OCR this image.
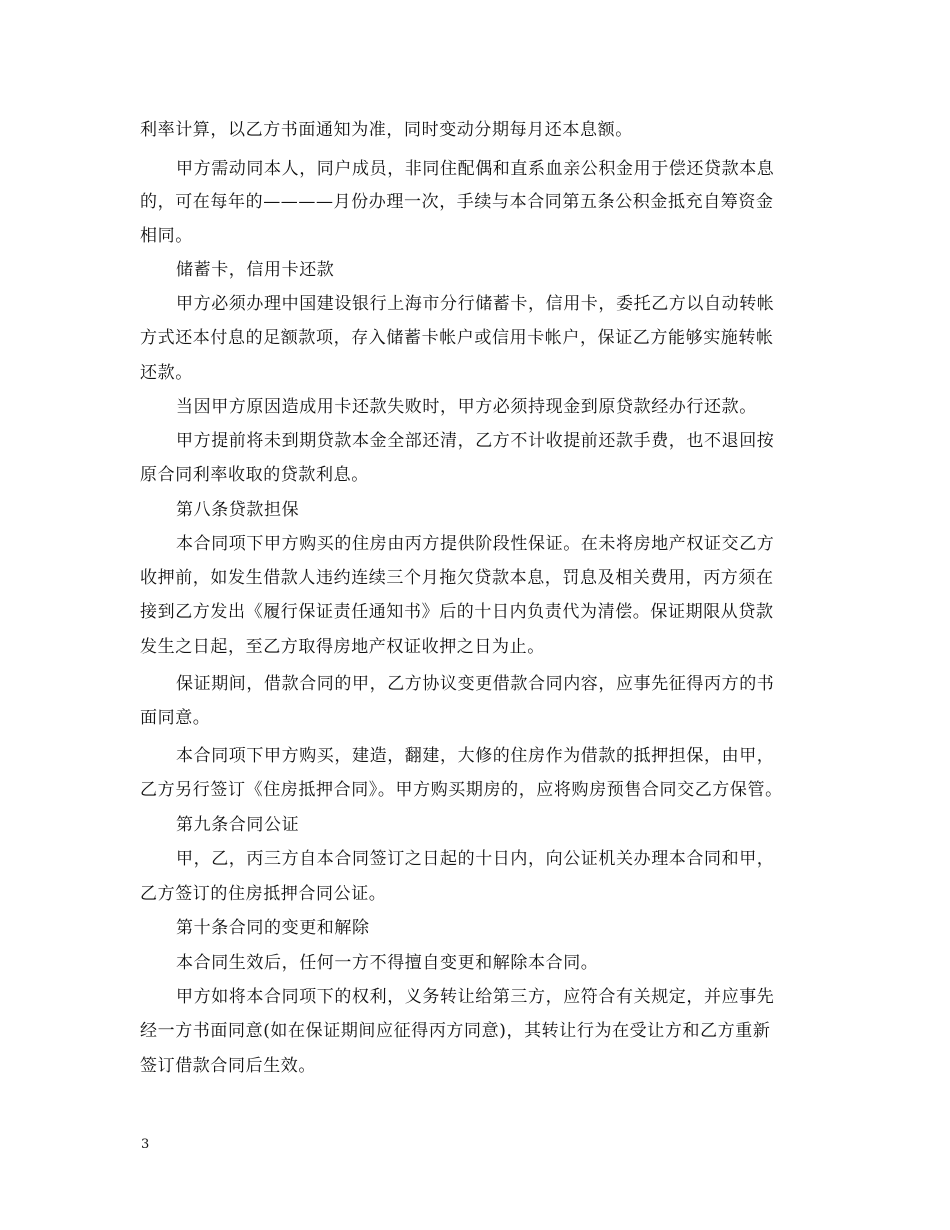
利率计算，以乙方书面通知为准，同时变动分期每月还本息额。
甲方需动同本人，同户成员，非同住配偶和直系血亲公积金用于偿还贷款本息
的，可在每年的————月份办理一次，手续与本合同第五条公积金抵充自筹资金
相同。
储蓄卡，信用卡还款
甲方必须办理中国建设银行上海市分行储蓄卡，信用卡，委托乙方以自动转帐
方式还本付息的足额款项，存入储蓄卡帐户或信用卡帐户，保证乙方能够实施转帐
还款。
当因甲方原因造成用卡还款失败时，甲方必须持现金到原贷款经办行还款。
甲方提前将未到期贷款本金全部还清，乙方不计收提前还款手费，也不退回按
原合同利率收取的贷款利息。
第八条贷款担保
本合同项下甲方购买的住房由丙方提供阶段性保证。在未将房地产权证交乙方
收押前，如发生借款人违约连续三个月拖欠贷款本息，罚息及相关费用，丙方须在
接到乙方发出《履行保证责任通知书》后的十日内负责代为清偿。保证期限从贷款
发生之日起，至乙方取得房地产权证收押之日为止。
保证期间，借款合同的甲，乙方协议变更借款合同内容，应事先征得丙方的书
面同意。
本合同项下甲方购买，建造，翻建，大修的住房作为借款的抵押担保，由甲，
乙方另行签订《住房抵押合同》。甲方购买期房的，应将购房预售合同交乙方保管。
第九条合同公证
甲，乙，丙三方自本合同签订之日起的十日内，向公证机关办理本合同和甲，
乙方签订的住房抵押合同公证。
第十条合同的变更和解除
本合同生效后，任何一方不得擅自变更和解除本合同。
甲方如将本合同项下的权利，义务转让给第三方，应符合有关规定，并应事先
经一方书面同意(如在保证期间应征得丙方同意)，其转让行为在受让方和乙方重新
签订借款合同后生效。
3
